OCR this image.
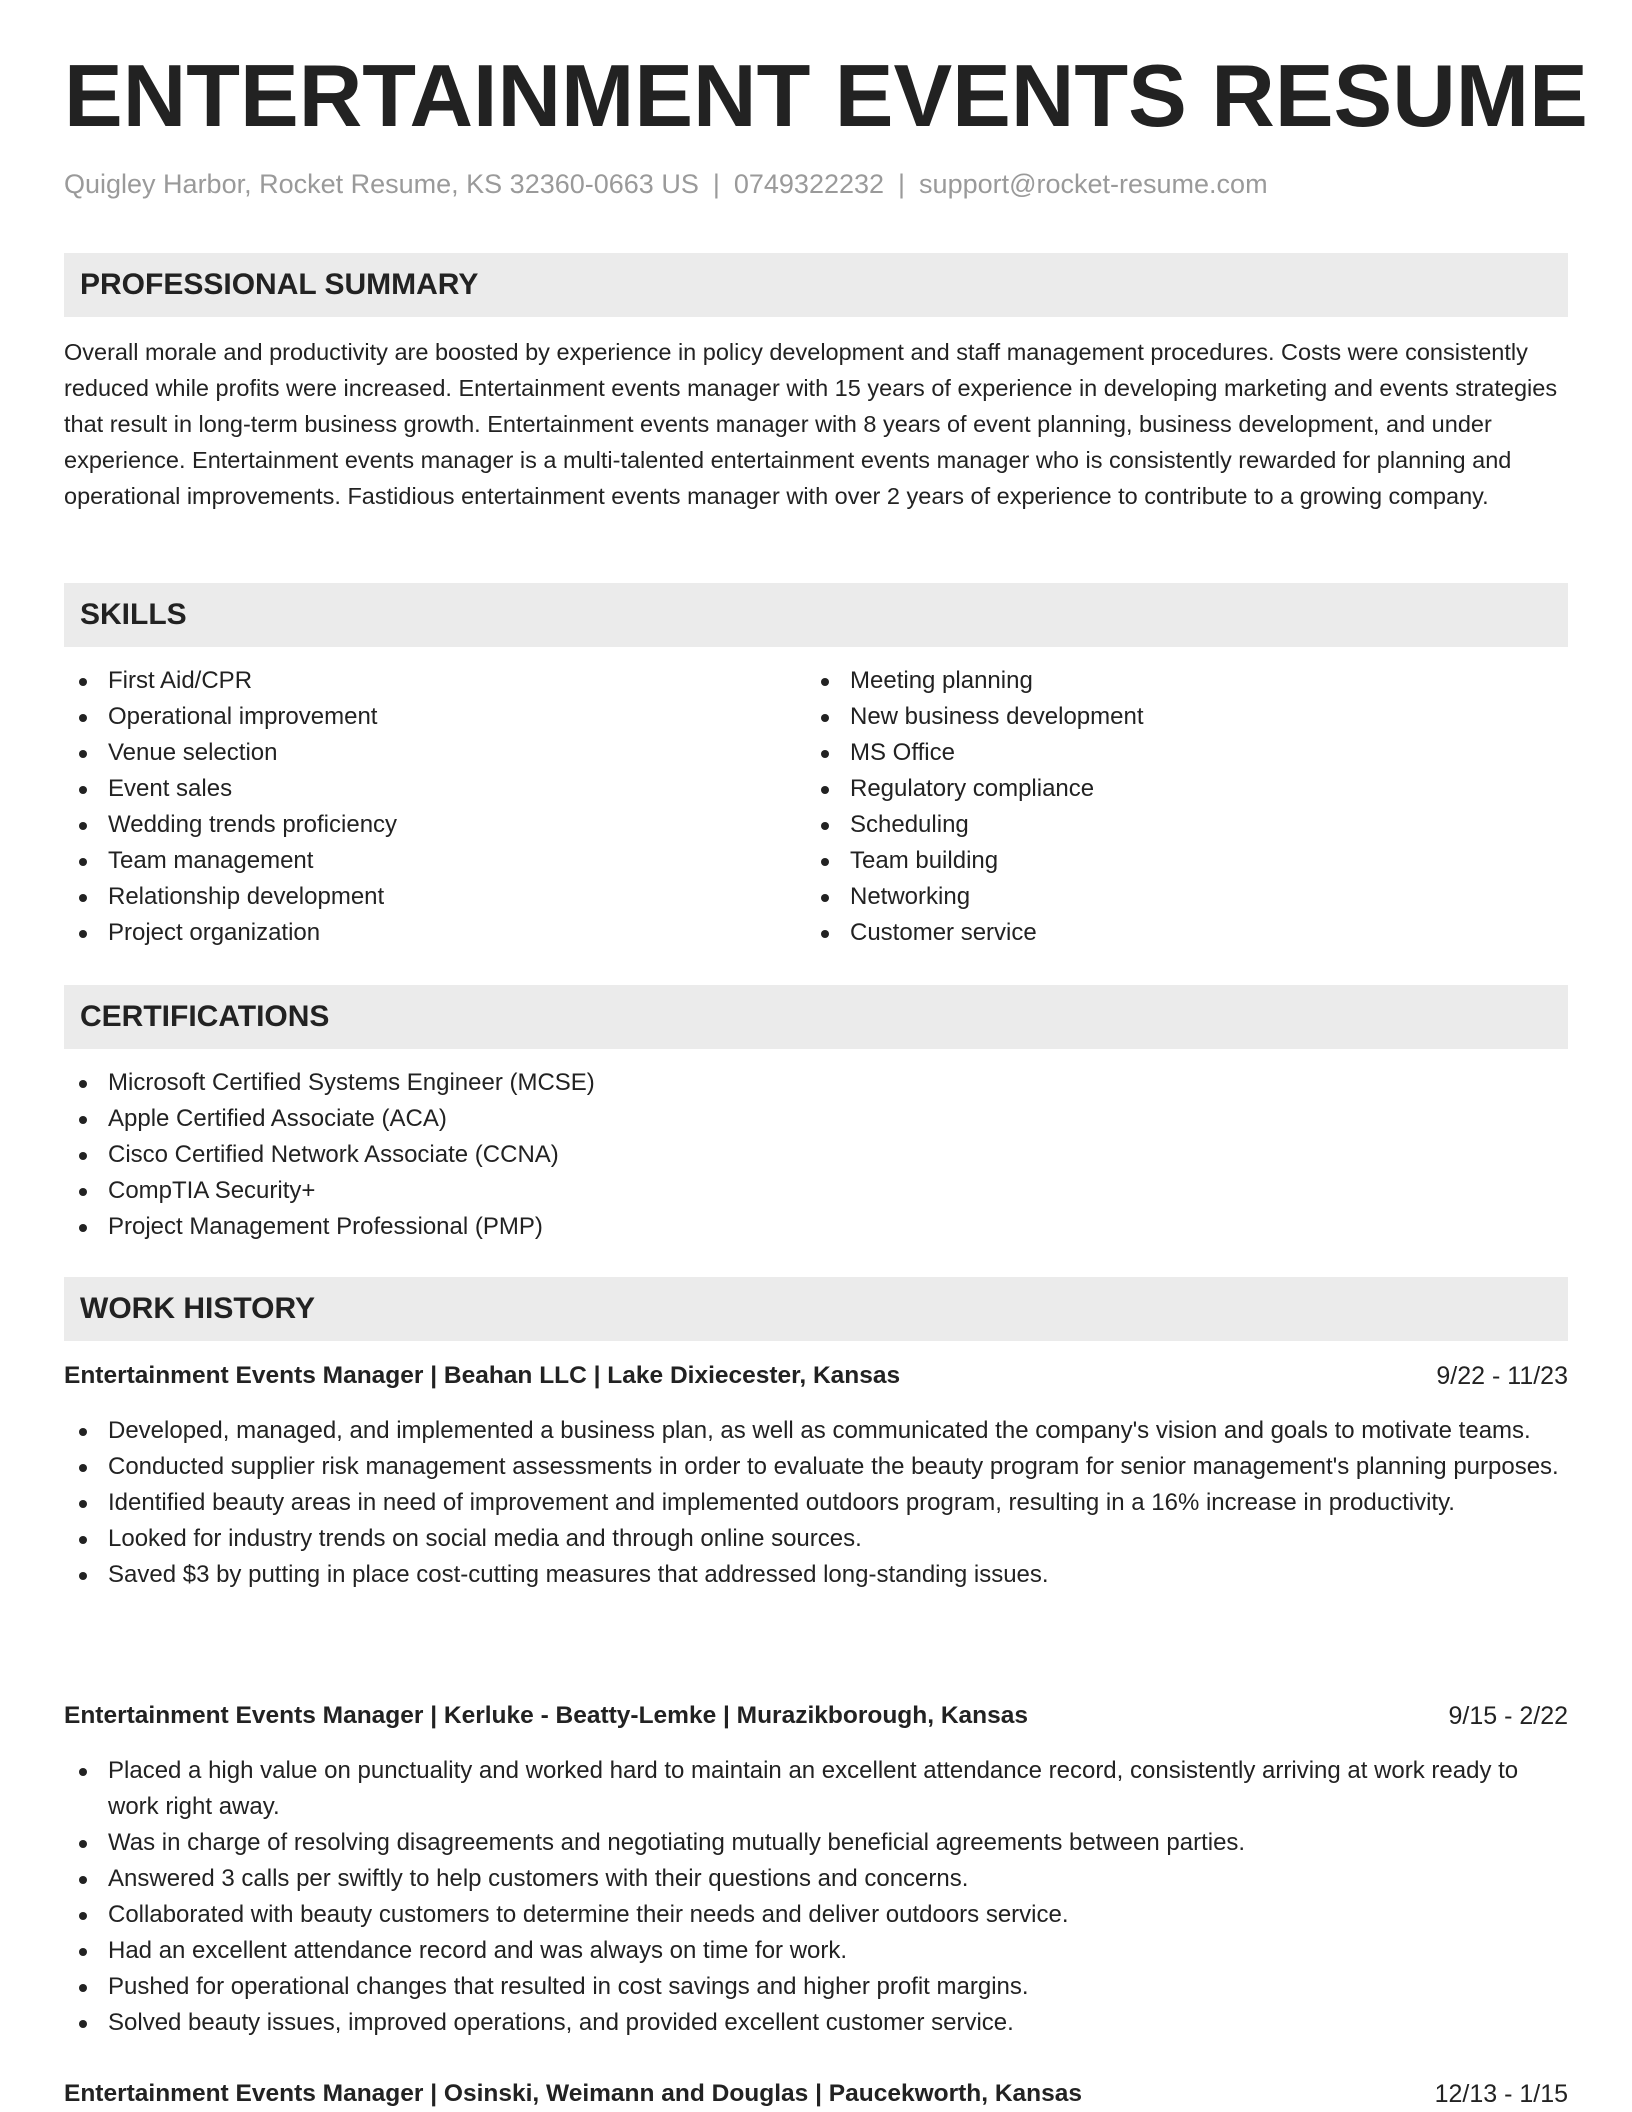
ENTERTAINMENT EVENTS RESUME
Quigley Harbor, Rocket Resume, KS 32360-0663 US | 0749322232 | support@rocket-resume.com
PROFESSIONAL SUMMARY

Overall morale and productivity are boosted by experience in policy development and staff management procedures. Costs were consistently reduced while profits were increased. Entertainment events manager with 15 years of experience in developing marketing and events strategies that result in long-term business growth. Entertainment events manager with 8 years of event planning, business development, and under experience. Entertainment events manager is a multi-talented entertainment events manager who is consistently rewarded for planning and operational improvements. Fastidious entertainment events manager with over 2 years of experience to contribute to a growing company.

SKILLS
First Aid/CPR
Operational improvement
Venue selection
Event sales
Wedding trends proficiency
Team management
Relationship development
Project organization
Meeting planning
New business development
MS Office
Regulatory compliance
Scheduling
Team building
Networking
Customer service
CERTIFICATIONS
Microsoft Certified Systems Engineer (MCSE)
Apple Certified Associate (ACA)
Cisco Certified Network Associate (CCNA)
CompTIA Security+
Project Management Professional (PMP)
WORK HISTORY
Entertainment Events Manager | Beahan LLC | Lake Dixiecester, Kansas	9/22 - 11/23
Developed, managed, and implemented a business plan, as well as communicated the company's vision and goals to motivate teams.
Conducted supplier risk management assessments in order to evaluate the beauty program for senior management's planning purposes.
Identified beauty areas in need of improvement and implemented outdoors program, resulting in a 16% increase in productivity.
Looked for industry trends on social media and through online sources.
Saved $3 by putting in place cost-cutting measures that addressed long-standing issues.
Entertainment Events Manager | Kerluke - Beatty-Lemke | Murazikborough, Kansas	9/15 - 2/22
Placed a high value on punctuality and worked hard to maintain an excellent attendance record, consistently arriving at work ready to work right away.
Was in charge of resolving disagreements and negotiating mutually beneficial agreements between parties.
Answered 3 calls per swiftly to help customers with their questions and concerns.
Collaborated with beauty customers to determine their needs and deliver outdoors service.
Had an excellent attendance record and was always on time for work.
Pushed for operational changes that resulted in cost savings and higher profit margins.
Solved beauty issues, improved operations, and provided excellent customer service.
Entertainment Events Manager | Osinski, Weimann and Douglas | Paucekworth, Kansas	12/13 - 1/15
